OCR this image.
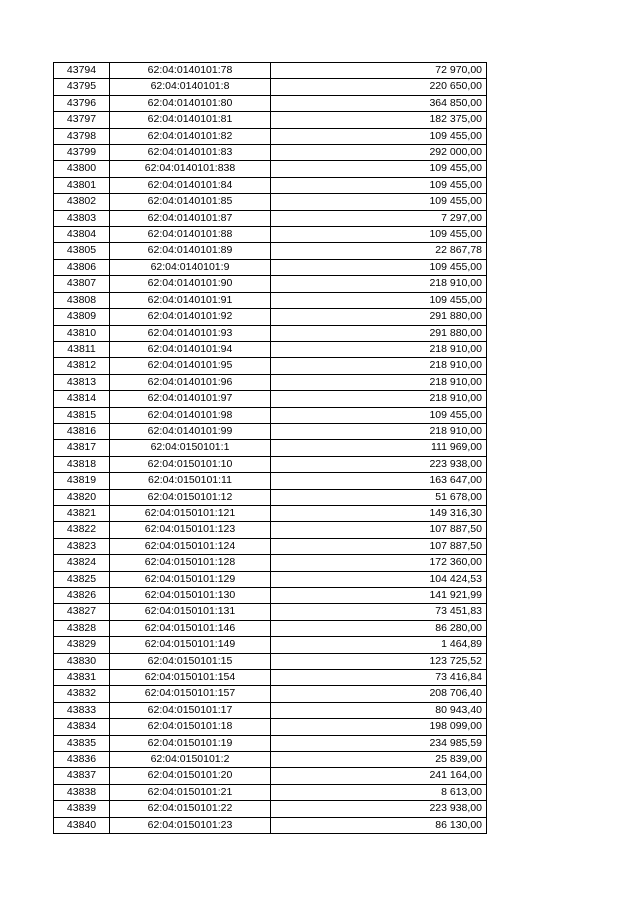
43794	62:04:0140101:78	72 970,00
43795	62:04:0140101:8	220 650,00
43796	62:04:0140101:80	364 850,00
43797	62:04:0140101:81	182 375,00
43798	62:04:0140101:82	109 455,00
43799	62:04:0140101:83	292 000,00
43800	62:04:0140101:838	109 455,00
43801	62:04:0140101:84	109 455,00
43802	62:04:0140101:85	109 455,00
43803	62:04:0140101:87	7 297,00
43804	62:04:0140101:88	109 455,00
43805	62:04:0140101:89	22 867,78
43806	62:04:0140101:9	109 455,00
43807	62:04:0140101:90	218 910,00
43808	62:04:0140101:91	109 455,00
43809	62:04:0140101:92	291 880,00
43810	62:04:0140101:93	291 880,00
43811	62:04:0140101:94	218 910,00
43812	62:04:0140101:95	218 910,00
43813	62:04:0140101:96	218 910,00
43814	62:04:0140101:97	218 910,00
43815	62:04:0140101:98	109 455,00
43816	62:04:0140101:99	218 910,00
43817	62:04:0150101:1	111 969,00
43818	62:04:0150101:10	223 938,00
43819	62:04:0150101:11	163 647,00
43820	62:04:0150101:12	51 678,00
43821	62:04:0150101:121	149 316,30
43822	62:04:0150101:123	107 887,50
43823	62:04:0150101:124	107 887,50
43824	62:04:0150101:128	172 360,00
43825	62:04:0150101:129	104 424,53
43826	62:04:0150101:130	141 921,99
43827	62:04:0150101:131	73 451,83
43828	62:04:0150101:146	86 280,00
43829	62:04:0150101:149	1 464,89
43830	62:04:0150101:15	123 725,52
43831	62:04:0150101:154	73 416,84
43832	62:04:0150101:157	208 706,40
43833	62:04:0150101:17	80 943,40
43834	62:04:0150101:18	198 099,00
43835	62:04:0150101:19	234 985,59
43836	62:04:0150101:2	25 839,00
43837	62:04:0150101:20	241 164,00
43838	62:04:0150101:21	8 613,00
43839	62:04:0150101:22	223 938,00
43840	62:04:0150101:23	86 130,00
